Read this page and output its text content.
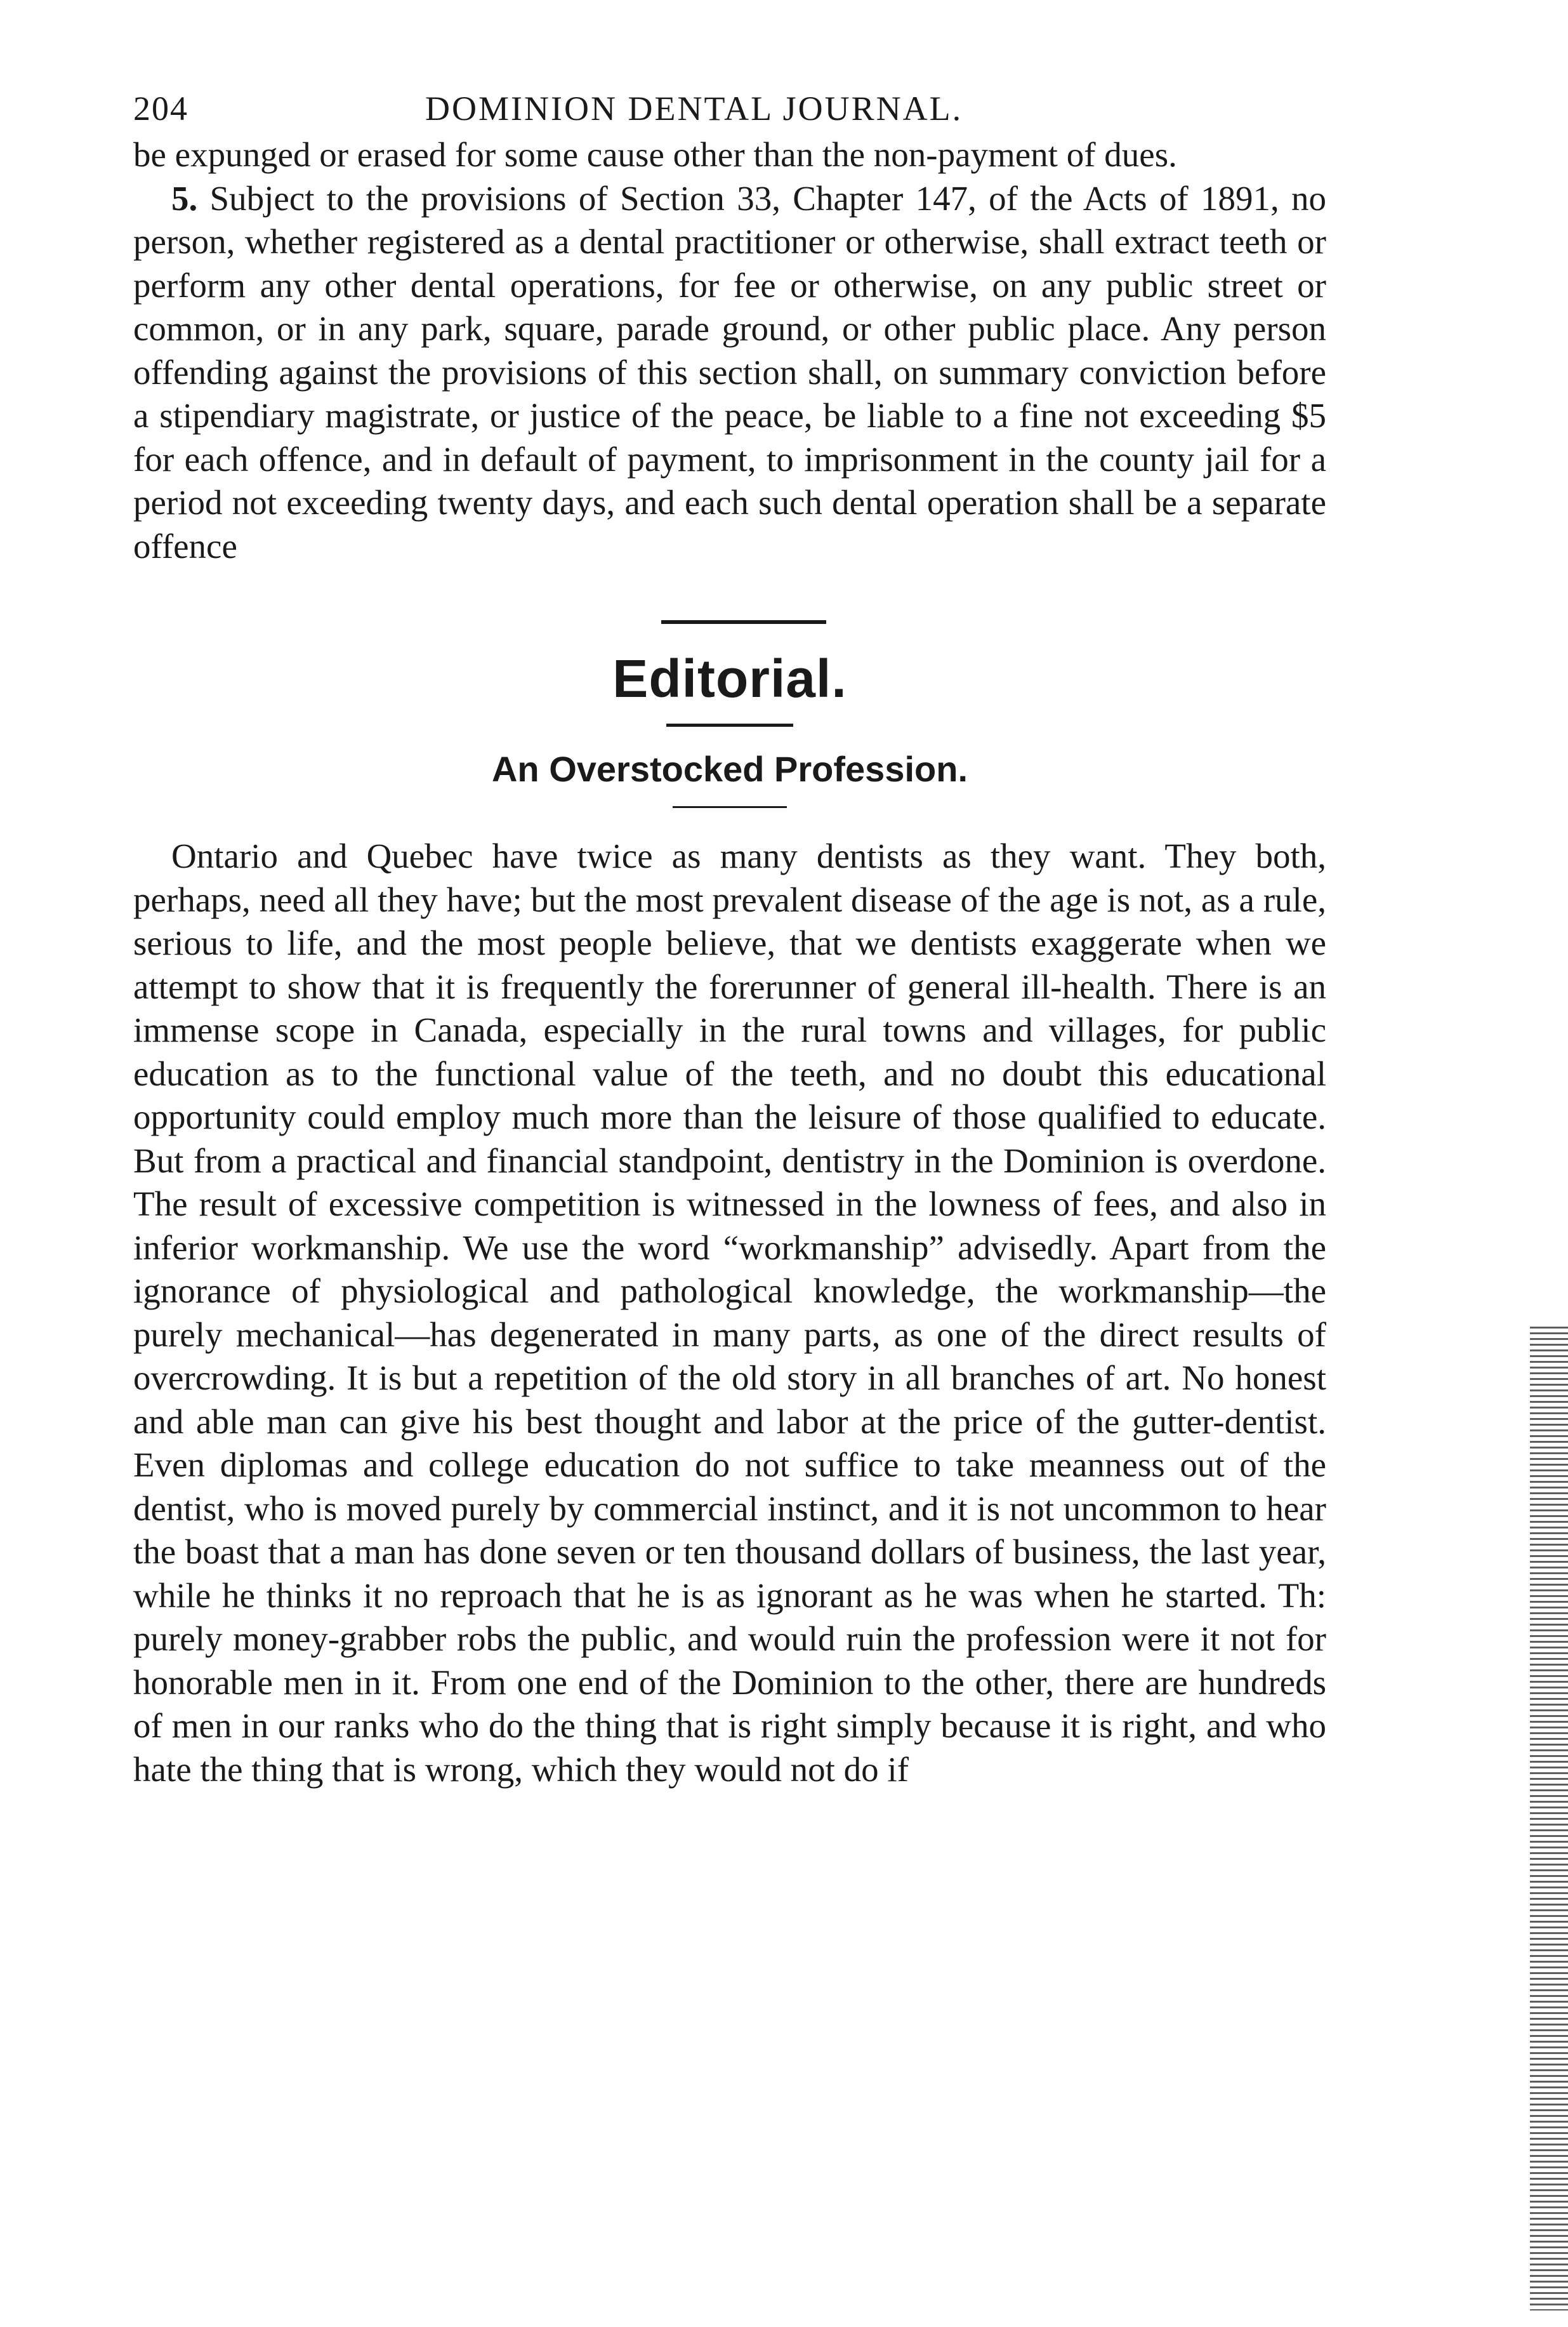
204	DOMINION DENTAL JOURNAL.

be expunged or erased for some cause other than the non-payment of dues.

5. Subject to the provisions of Section 33, Chapter 147, of the Acts of 1891, no person, whether registered as a dental practitioner or otherwise, shall extract teeth or perform any other dental operations, for fee or otherwise, on any public street or common, or in any park, square, parade ground, or other public place. Any person offending against the provisions of this section shall, on summary conviction before a stipendiary magistrate, or justice of the peace, be liable to a fine not exceeding $5 for each offence, and in default of payment, to imprisonment in the county jail for a period not exceeding twenty days, and each such dental operation shall be a separate offence

Editorial.
An Overstocked Profession.

Ontario and Quebec have twice as many dentists as they want. They both, perhaps, need all they have; but the most prevalent disease of the age is not, as a rule, serious to life, and the most people believe, that we dentists exaggerate when we attempt to show that it is frequently the forerunner of general ill-health. There is an immense scope in Canada, especially in the rural towns and villages, for public education as to the functional value of the teeth, and no doubt this educational opportunity could employ much more than the leisure of those qualified to educate. But from a practical and financial standpoint, dentistry in the Dominion is overdone. The result of excessive competition is witnessed in the lowness of fees, and also in inferior workmanship. We use the word “workmanship” advisedly. Apart from the ignorance of physiological and pathological knowledge, the workmanship—the purely mechanical—has degenerated in many parts, as one of the direct results of overcrowding. It is but a repetition of the old story in all branches of art. No honest and able man can give his best thought and labor at the price of the gutter-dentist. Even diplomas and college education do not suffice to take meanness out of the dentist, who is moved purely by commercial instinct, and it is not uncommon to hear the boast that a man has done seven or ten thousand dollars of business, the last year, while he thinks it no reproach that he is as ignorant as he was when he started. Th: purely money-grabber robs the public, and would ruin the profession were it not for honorable men in it. From one end of the Dominion to the other, there are hundreds of men in our ranks who do the thing that is right simply because it is right, and who hate the thing that is wrong, which they would not do if
